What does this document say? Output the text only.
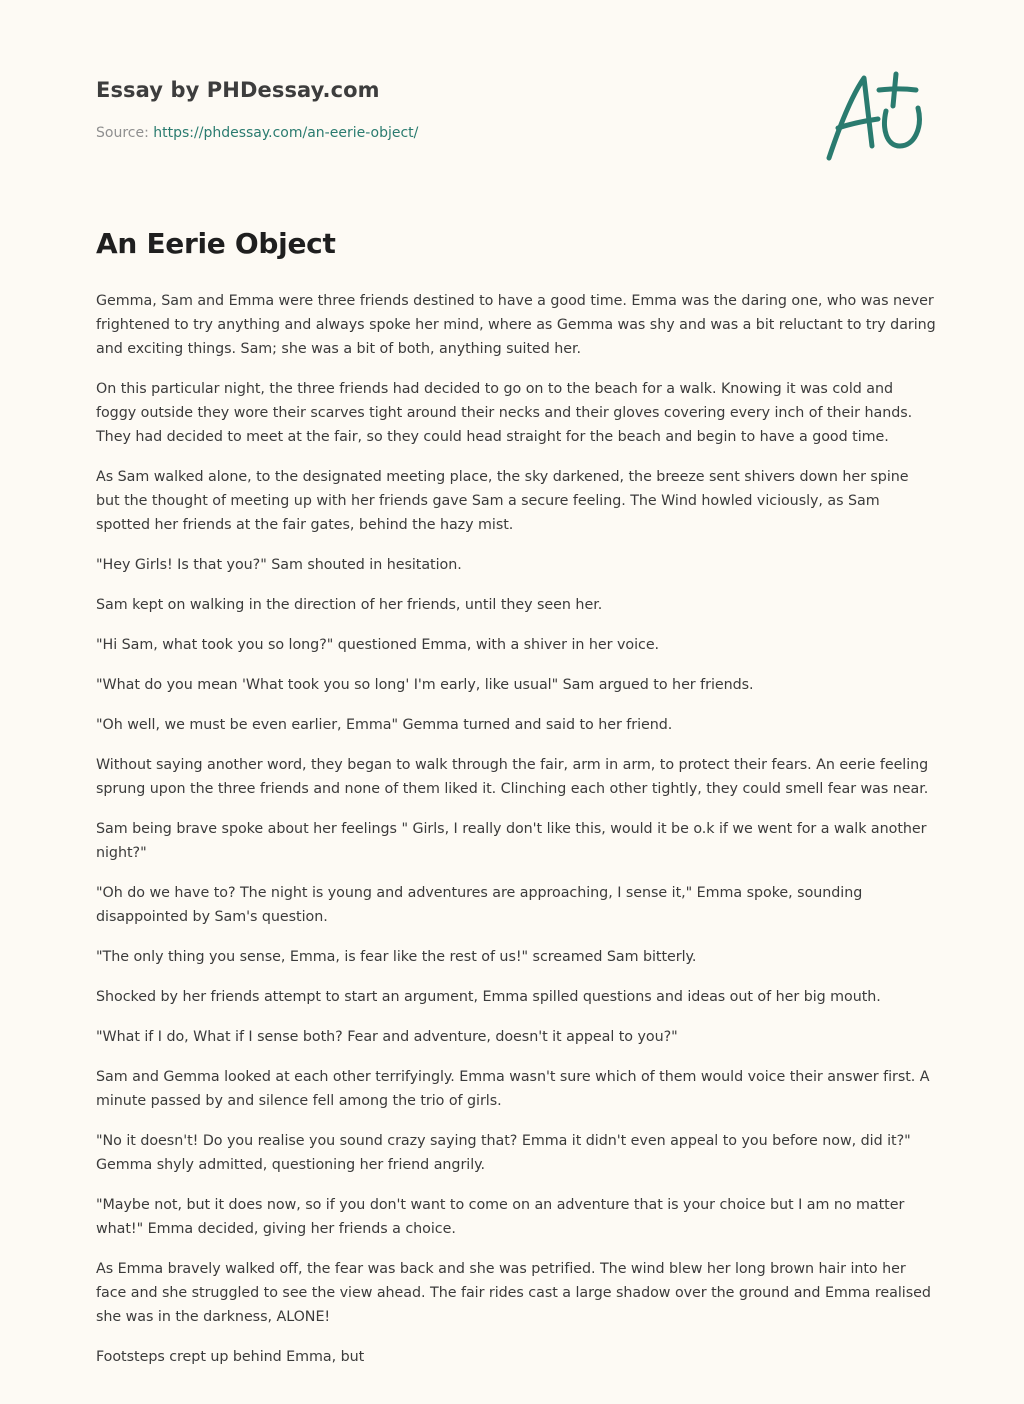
Essay by PHDessay.com
Source: https://phdessay.com/an-eerie-object/
An Eerie Object

Gemma, Sam and Emma were three friends destined to have a good time. Emma was the daring one, who was never frightened to try anything and always spoke her mind, where as Gemma was shy and was a bit reluctant to try daring and exciting things. Sam; she was a bit of both, anything suited her.

On this particular night, the three friends had decided to go on to the beach for a walk. Knowing it was cold and foggy outside they wore their scarves tight around their necks and their gloves covering every inch of their hands. They had decided to meet at the fair, so they could head straight for the beach and begin to have a good time.

As Sam walked alone, to the designated meeting place, the sky darkened, the breeze sent shivers down her spine but the thought of meeting up with her friends gave Sam a secure feeling. The Wind howled viciously, as Sam spotted her friends at the fair gates, behind the hazy mist.

"Hey Girls! Is that you?" Sam shouted in hesitation.

Sam kept on walking in the direction of her friends, until they seen her.

"Hi Sam, what took you so long?" questioned Emma, with a shiver in her voice.

"What do you mean 'What took you so long' I'm early, like usual" Sam argued to her friends.

"Oh well, we must be even earlier, Emma" Gemma turned and said to her friend.

Without saying another word, they began to walk through the fair, arm in arm, to protect their fears. An eerie feeling sprung upon the three friends and none of them liked it. Clinching each other tightly, they could smell fear was near.

Sam being brave spoke about her feelings " Girls, I really don't like this, would it be o.k if we went for a walk another night?"

"Oh do we have to? The night is young and adventures are approaching, I sense it," Emma spoke, sounding disappointed by Sam's question.

"The only thing you sense, Emma, is fear like the rest of us!" screamed Sam bitterly.

Shocked by her friends attempt to start an argument, Emma spilled questions and ideas out of her big mouth.

"What if I do, What if I sense both? Fear and adventure, doesn't it appeal to you?"

Sam and Gemma looked at each other terrifyingly. Emma wasn't sure which of them would voice their answer first. A minute passed by and silence fell among the trio of girls.

"No it doesn't! Do you realise you sound crazy saying that? Emma it didn't even appeal to you before now, did it?" Gemma shyly admitted, questioning her friend angrily.

"Maybe not, but it does now, so if you don't want to come on an adventure that is your choice but I am no matter what!" Emma decided, giving her friends a choice.

As Emma bravely walked off, the fear was back and she was petrified. The wind blew her long brown hair into her face and she struggled to see the view ahead. The fair rides cast a large shadow over the ground and Emma realised she was in the darkness, ALONE!

Footsteps crept up behind Emma, but
